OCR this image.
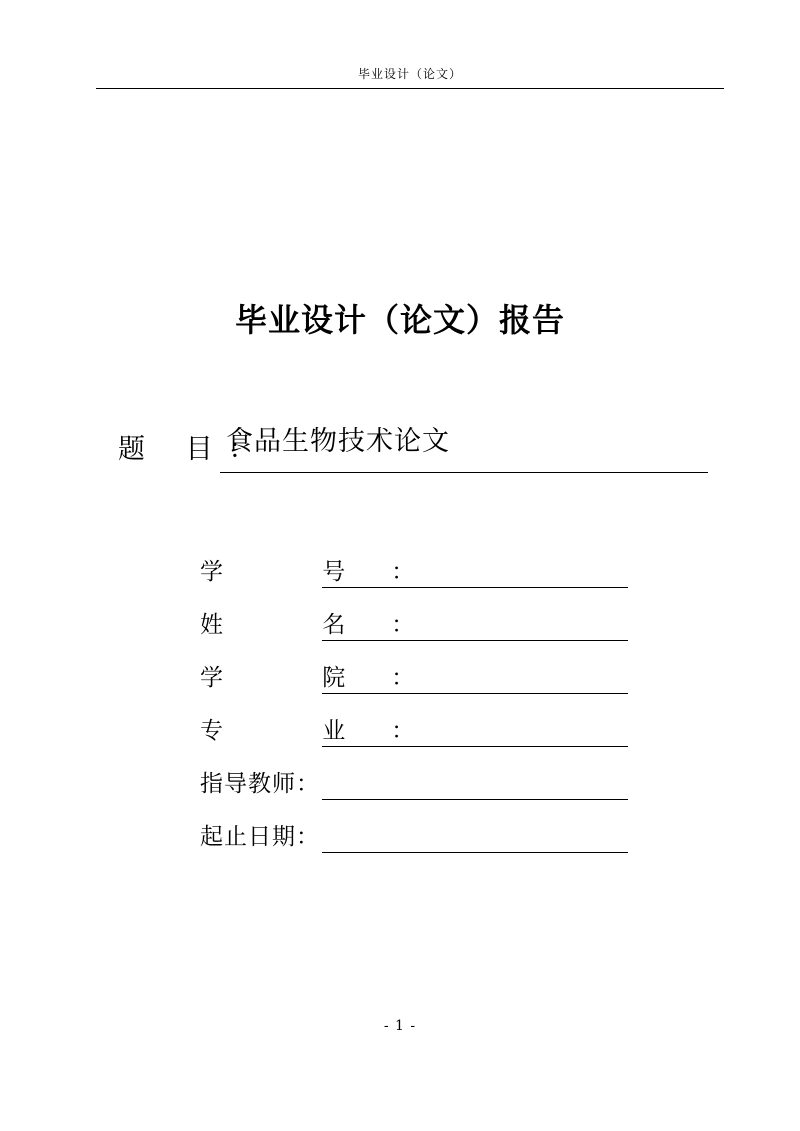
毕业设计（论文）
毕业设计（论文）报告
题 目：
食品生物技术论文
学 号：
姓 名：
学 院：
专 业：
指导教师：
起止日期：
- 1 -
